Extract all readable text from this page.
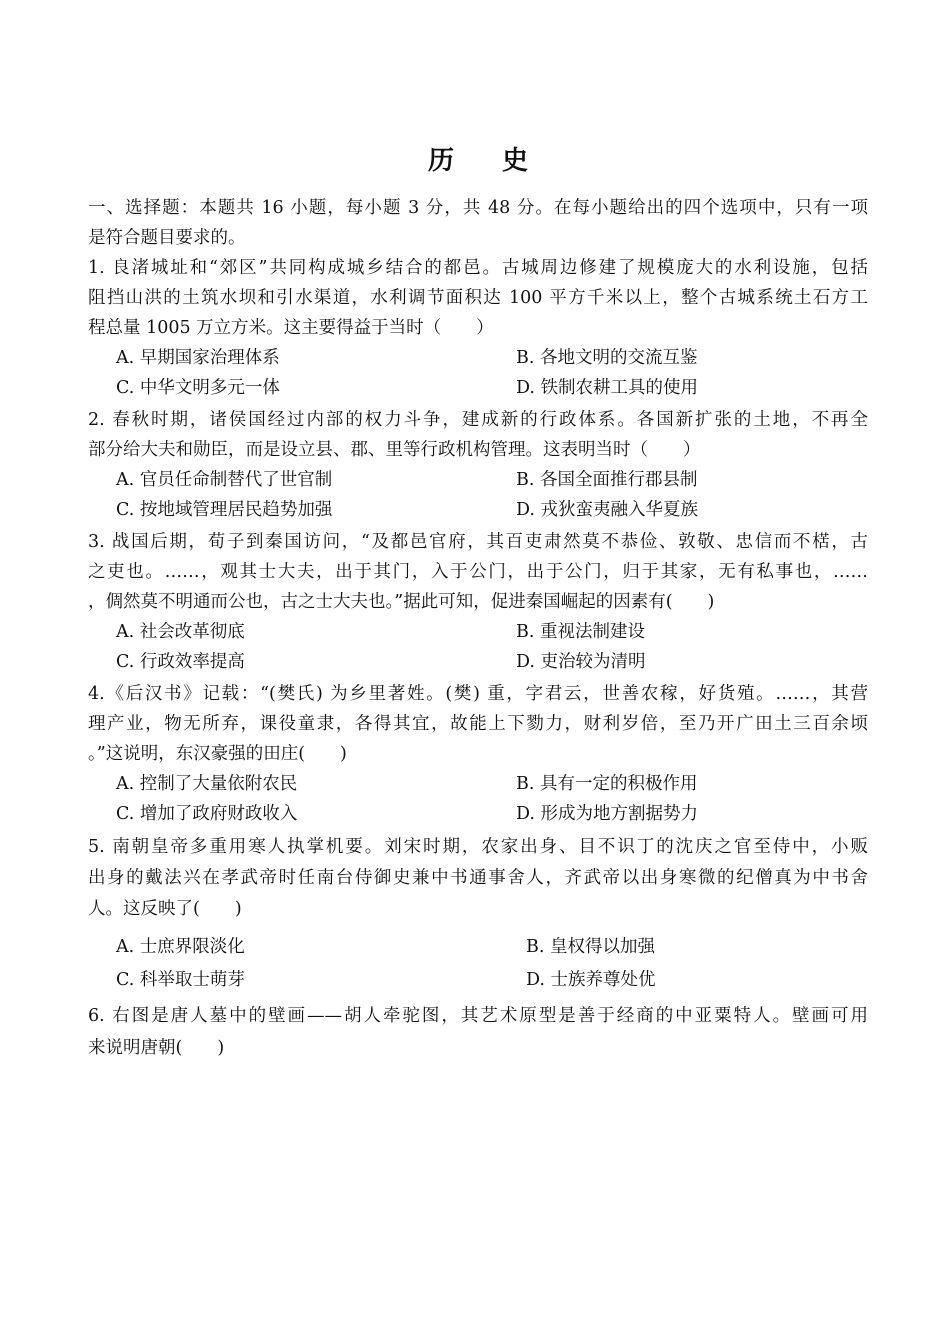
历 史
一、选择题：本题共 16 小题，每小题 3 分，共 48 分。在每小题给出的四个选项中，只有一项
是符合题目要求的。
1. 良渚城址和“郊区”共同构成城乡结合的都邑。古城周边修建了规模庞大的水利设施，包括
阻挡山洪的土筑水坝和引水渠道，水利调节面积达 100 平方千米以上，整个古城系统土石方工
程总量 1005 万立方米。这主要得益于当时（　　）
A. 早期国家治理体系	B. 各地文明的交流互鉴
C. 中华文明多元一体	D. 铁制农耕工具的使用
2. 春秋时期，诸侯国经过内部的权力斗争，建成新的行政体系。各国新扩张的土地，不再全
部分给大夫和勋臣，而是设立县、郡、里等行政机构管理。这表明当时（　　）
A. 官员任命制替代了世官制	B. 各国全面推行郡县制
C. 按地域管理居民趋势加强	D. 戎狄蛮夷融入华夏族
3. 战国后期，荀子到秦国访问，“及都邑官府，其百吏肃然莫不恭俭、敦敬、忠信而不楛，古
之吏也。……，观其士大夫，出于其门，入于公门，出于公门，归于其家，无有私事也，……
，倜然莫不明通而公也，古之士大夫也。”据此可知，促进秦国崛起的因素有(　　)
A. 社会改革彻底	B. 重视法制建设
C. 行政效率提高	D. 吏治较为清明
4.《后汉书》记载：“(樊氏) 为乡里著姓。(樊) 重，字君云，世善农稼，好货殖。……，其营
理产业，物无所弃，课役童隶，各得其宜，故能上下勠力，财利岁倍，至乃开广田土三百余顷
。”这说明，东汉豪强的田庄(　　)
A. 控制了大量依附农民	B. 具有一定的积极作用
C. 增加了政府财政收入	D. 形成为地方割据势力
5. 南朝皇帝多重用寒人执掌机要。刘宋时期，农家出身、目不识丁的沈庆之官至侍中，小贩
出身的戴法兴在孝武帝时任南台侍御史兼中书通事舍人，齐武帝以出身寒微的纪僧真为中书舍
人。这反映了(　　)
A. 士庶界限淡化	B. 皇权得以加强
C. 科举取士萌芽	D. 士族养尊处优
6. 右图是唐人墓中的壁画——胡人牵驼图，其艺术原型是善于经商的中亚粟特人。壁画可用
来说明唐朝(　　)
